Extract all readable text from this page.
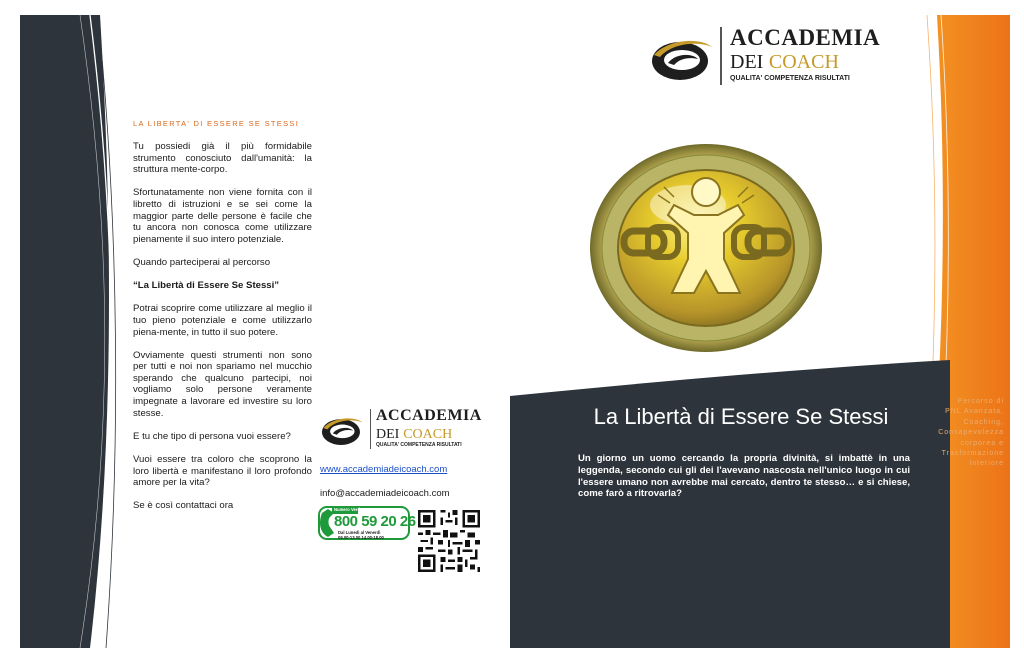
ACCADEMIA
DEI COACH
QUALITA' COMPETENZA RISULTATI
LA LIBERTA' DI ESSERE SE STESSI

Tu possiedi già il più formidabile strumento conosciuto dall'umanità: la struttura mente-corpo.

Sfortunatamente non viene fornita con il libretto di istruzioni e se sei come la maggior parte delle persone è facile che tu ancora non conosca come utilizzare pienamente il suo intero potenziale.

Quando parteciperai al percorso

“La Libertà di Essere Se Stessi”

Potrai scoprire come utilizzare al meglio il tuo pieno potenziale e come utilizzarlo piena-mente, in tutto il suo potere.

Ovviamente questi strumenti non sono per tutti e noi non spariamo nel mucchio sperando che qualcuno partecipi, noi vogliamo solo persone veramente impegnate a lavorare ed investire su loro stesse.

E tu che tipo di persona vuoi essere?

Vuoi essere tra coloro che scoprono la loro libertà e manifestano il loro profondo amore per la vita?

Se è così contattaci ora

ACCADEMIA
DEI COACH
QUALITA' COMPETENZA RISULTATI
www.accademiadeicoach.com
info@accademiadeicoach.com
Numero Verde
800 59 20 26
Dal Lunedì al Venerdì
09.00-13.00 14.00-18.00
La Libertà di Essere Se Stessi
Un giorno un uomo cercando la propria divinità, si imbattè in una leggenda, secondo cui gli dei l'avevano nascosta nell'unico luogo in cui l'essere umano non avrebbe mai cercato, dentro te stesso… e si chiese, come farò a ritrovarla?
Percorso di
PNL Avanzata,
Coaching,
Consapevolezza
corporea e
Trasformazione
Interiore
